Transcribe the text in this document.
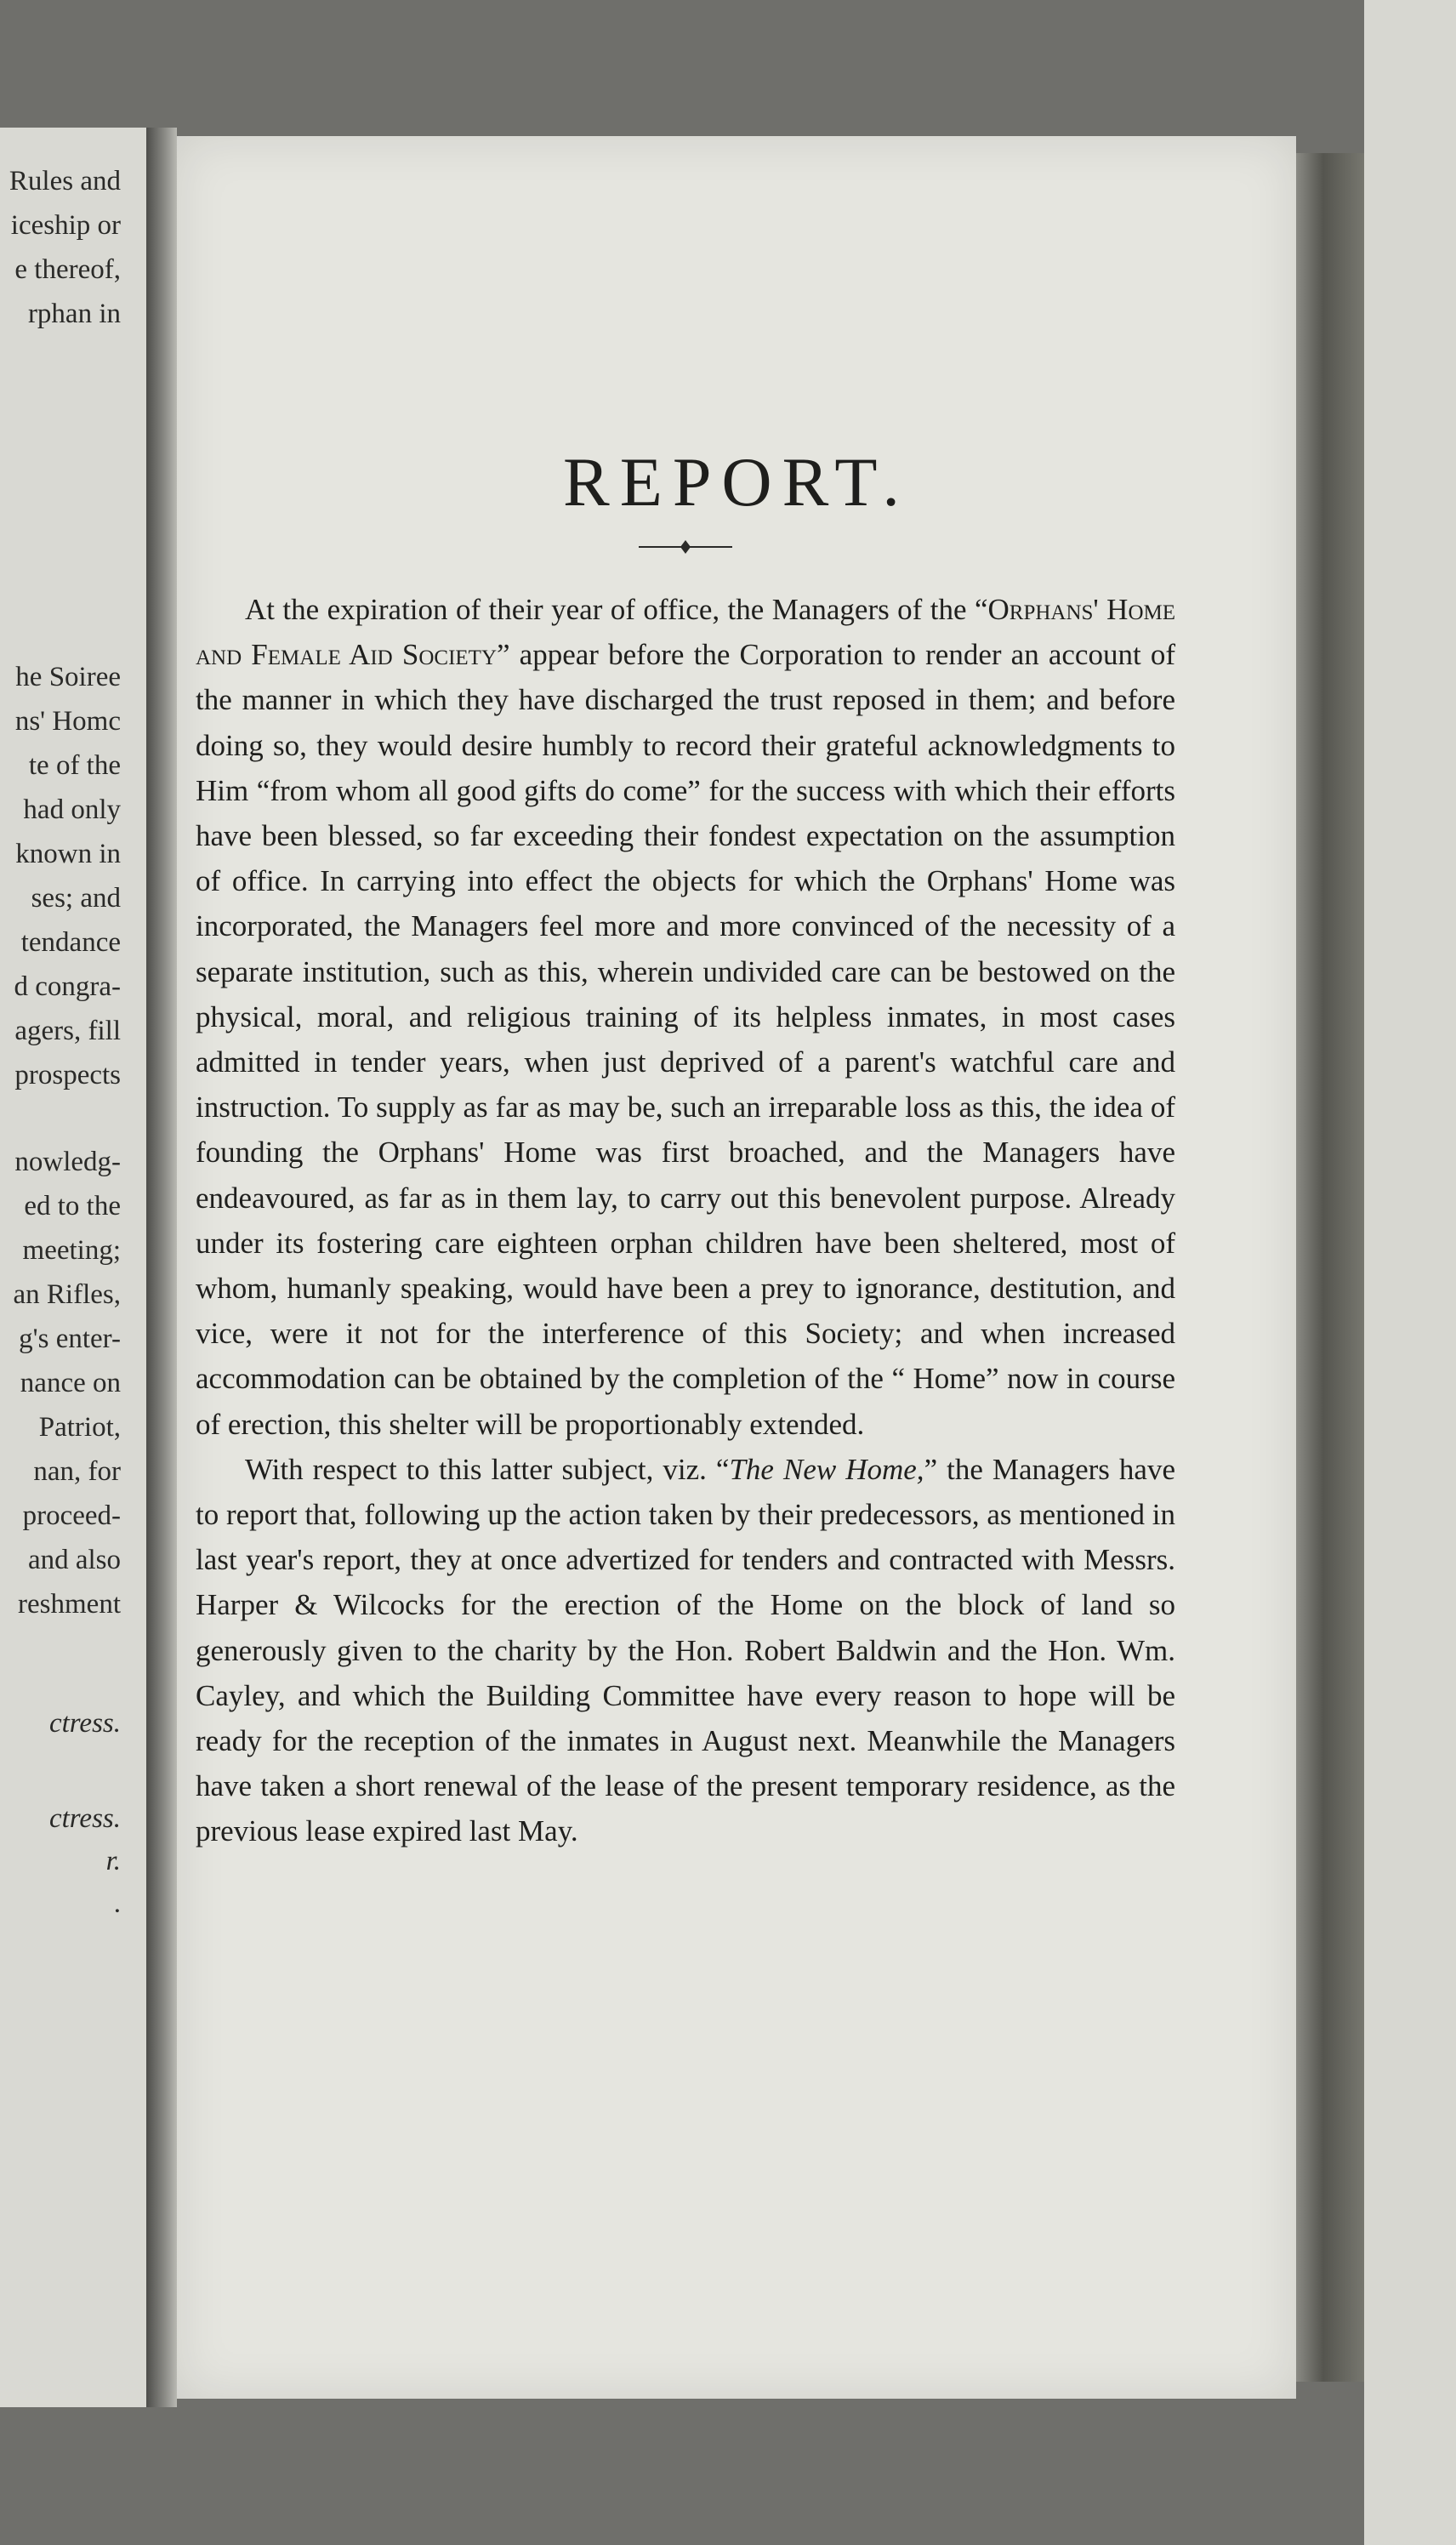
Rules and
iceship or
e thereof,
rphan in
he Soiree
ns' Homc
te of the
had only
known in
ses; and
tendance
d congra-
agers, fill
prospects
nowledg-
ed to the
meeting;
an Rifles,
g's enter-
nance on
Patriot,
nan, for
proceed-
and also
reshment
ctress.
ctress.
r.
.
REPORT.

At the expiration of their year of office, the Managers of the “Orphans' Home and Female Aid Society” appear before the Corporation to render an account of the manner in which they have discharged the trust reposed in them; and before doing so, they would desire humbly to record their grateful acknowledgments to Him “from whom all good gifts do come” for the success with which their efforts have been blessed, so far exceeding their fondest expectation on the assumption of office. In carrying into effect the objects for which the Orphans' Home was incorporated, the Managers feel more and more convinced of the necessity of a separate institution, such as this, wherein undivided care can be bestowed on the physical, moral, and religious training of its helpless inmates, in most cases admitted in tender years, when just deprived of a parent's watchful care and instruction. To supply as far as may be, such an irreparable loss as this, the idea of founding the Orphans' Home was first broached, and the Managers have endeavoured, as far as in them lay, to carry out this benevolent purpose. Already under its fostering care eighteen orphan children have been sheltered, most of whom, humanly speaking, would have been a prey to ignorance, destitution, and vice, were it not for the interference of this Society; and when increased accommodation can be obtained by the completion of the “ Home” now in course of erection, this shelter will be proportionably extended.

With respect to this latter subject, viz. “The New Home,” the Managers have to report that, following up the action taken by their predecessors, as mentioned in last year's report, they at once advertized for tenders and contracted with Messrs. Harper & Wilcocks for the erection of the Home on the block of land so generously given to the charity by the Hon. Robert Baldwin and the Hon. Wm. Cayley, and which the Building Committee have every reason to hope will be ready for the reception of the inmates in August next. Meanwhile the Managers have taken a short renewal of the lease of the present temporary residence, as the previous lease expired last May.
